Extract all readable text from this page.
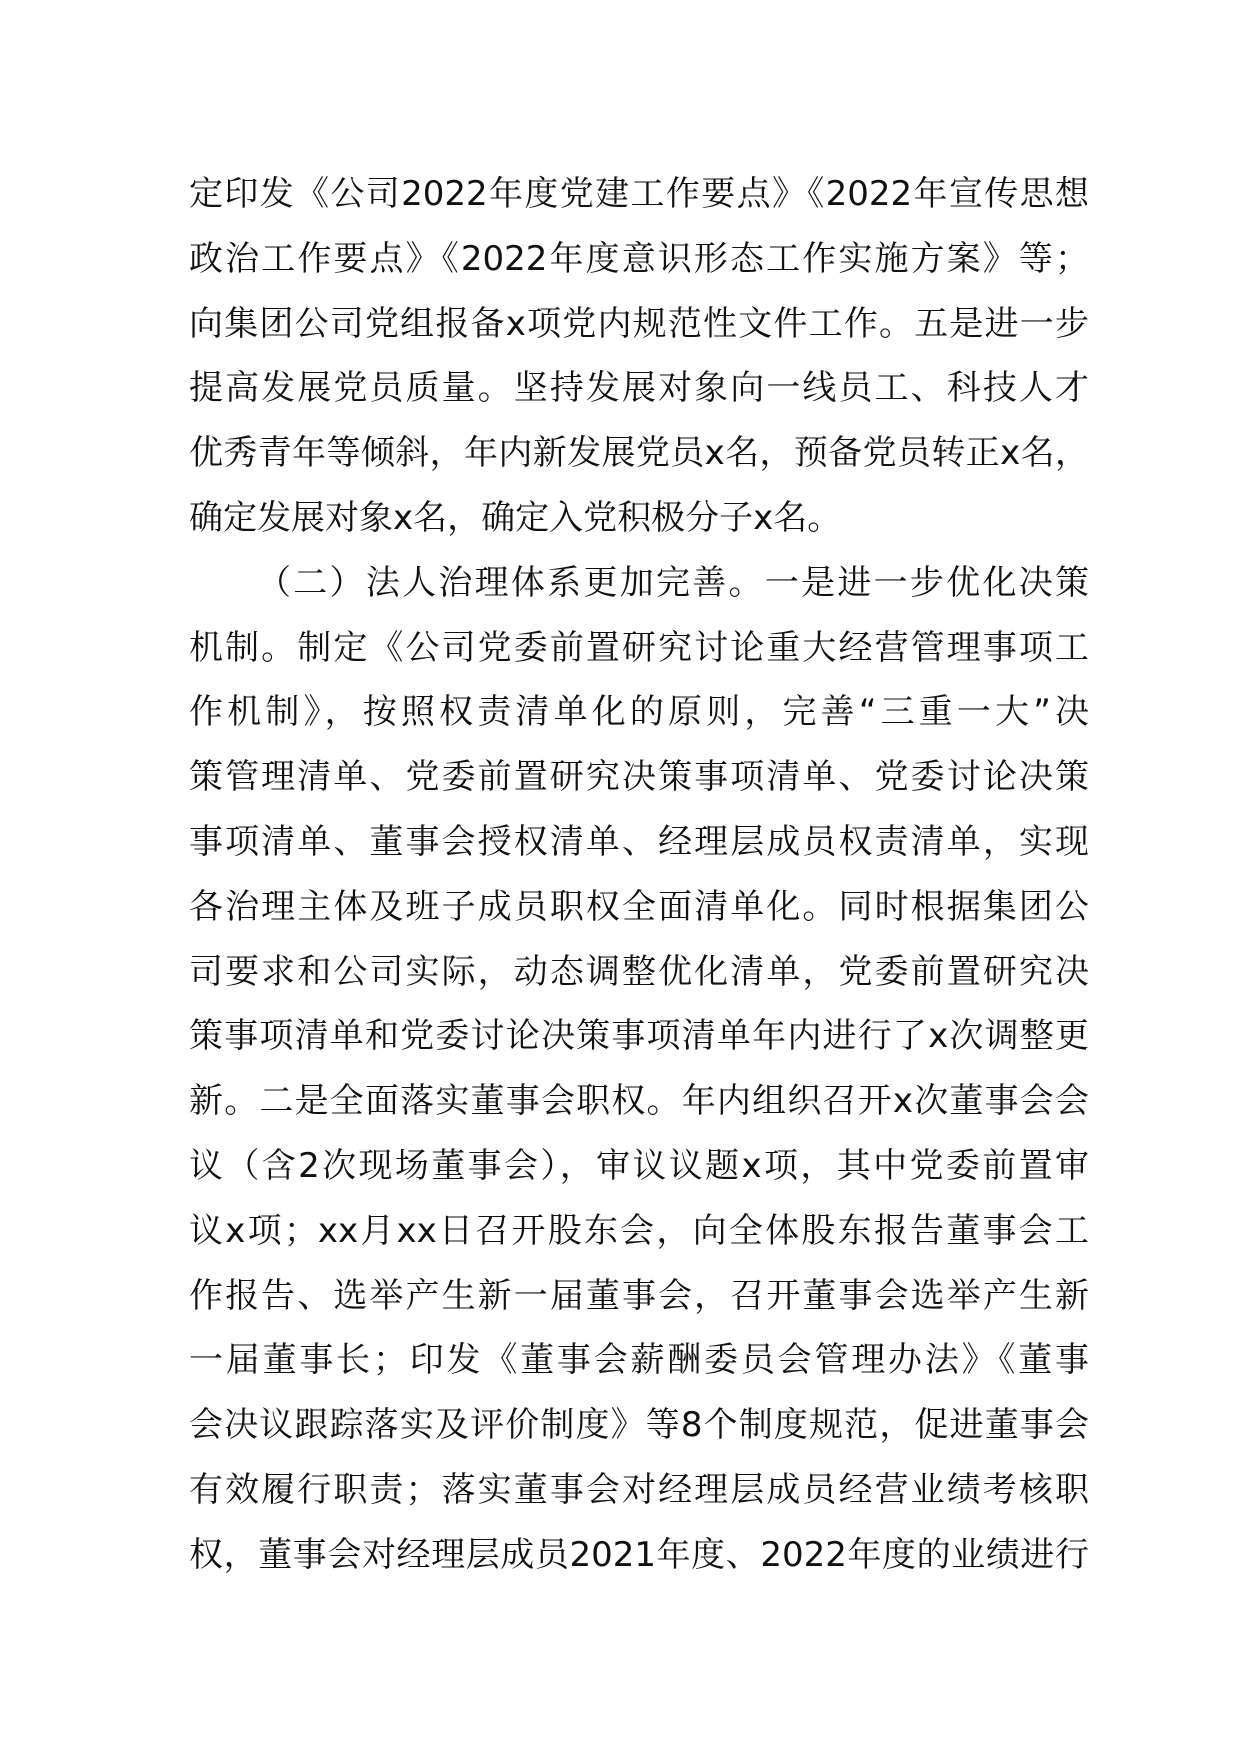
定印发《公司2022年度党建工作要点》《2022年宣传思想
政治工作要点》《2022年度意识形态工作实施方案》等；
向集团公司党组报备x项党内规范性文件工作。五是进一步
提高发展党员质量。坚持发展对象向一线员工、科技人才
优秀青年等倾斜，年内新发展党员x名，预备党员转正x名，
确定发展对象x名，确定入党积极分子x名。
（二）法人治理体系更加完善。一是进一步优化决策
机制。制定《公司党委前置研究讨论重大经营管理事项工
作机制》，按照权责清单化的原则，完善“三重一大”决
策管理清单、党委前置研究决策事项清单、党委讨论决策
事项清单、董事会授权清单、经理层成员权责清单，实现
各治理主体及班子成员职权全面清单化。同时根据集团公
司要求和公司实际，动态调整优化清单，党委前置研究决
策事项清单和党委讨论决策事项清单年内进行了x次调整更
新。二是全面落实董事会职权。年内组织召开x次董事会会
议（含2次现场董事会），审议议题x项，其中党委前置审
议x项；xx月xx日召开股东会，向全体股东报告董事会工
作报告、选举产生新一届董事会，召开董事会选举产生新
一届董事长；印发《董事会薪酬委员会管理办法》《董事
会决议跟踪落实及评价制度》等8个制度规范，促进董事会
有效履行职责；落实董事会对经理层成员经营业绩考核职
权，董事会对经理层成员2021年度、2022年度的业绩进行
